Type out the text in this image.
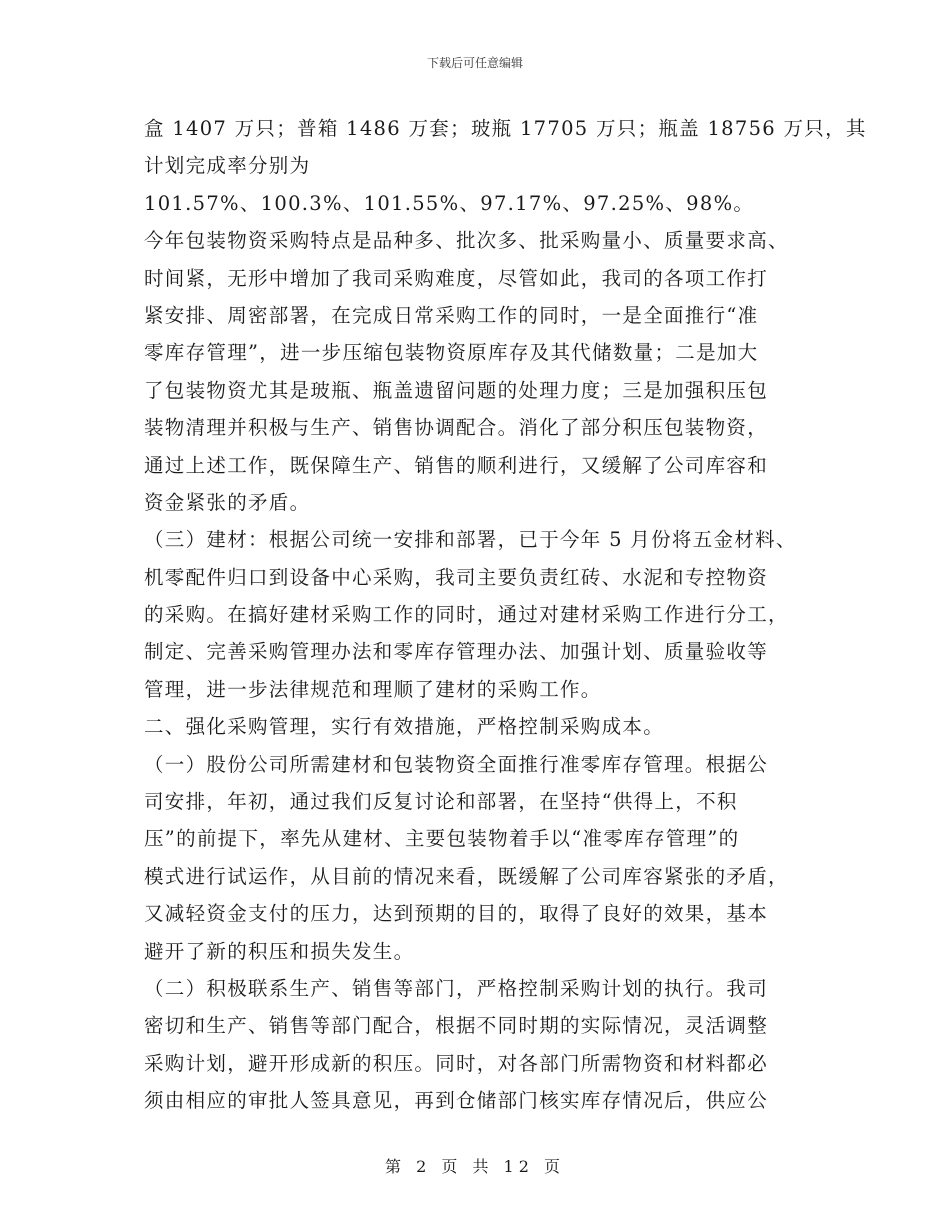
下载后可任意编辑
盒 1407 万只；普箱 1486 万套；玻瓶 17705 万只；瓶盖 18756 万只，其
计划完成率分别为
101.57%、100.3%、101.55%、97.17%、97.25%、98%。
今年包装物资采购特点是品种多、批次多、批采购量小、质量要求高、
时间紧，无形中增加了我司采购难度，尽管如此，我司的各项工作打
紧安排、周密部署，在完成日常采购工作的同时，一是全面推行“准
零库存管理”，进一步压缩包装物资原库存及其代储数量；二是加大
了包装物资尤其是玻瓶、瓶盖遗留问题的处理力度；三是加强积压包
装物清理并积极与生产、销售协调配合。消化了部分积压包装物资，
通过上述工作，既保障生产、销售的顺利进行，又缓解了公司库容和
资金紧张的矛盾。
（三）建材：根据公司统一安排和部署，已于今年 5 月份将五金材料、
机零配件归口到设备中心采购，我司主要负责红砖、水泥和专控物资
的采购。在搞好建材采购工作的同时，通过对建材采购工作进行分工，
制定、完善采购管理办法和零库存管理办法、加强计划、质量验收等
管理，进一步法律规范和理顺了建材的采购工作。
二、强化采购管理，实行有效措施，严格控制采购成本。
（一）股份公司所需建材和包装物资全面推行准零库存管理。根据公
司安排，年初，通过我们反复讨论和部署，在坚持“供得上，不积
压”的前提下，率先从建材、主要包装物着手以“准零库存管理”的
模式进行试运作，从目前的情况来看，既缓解了公司库容紧张的矛盾，
又减轻资金支付的压力，达到预期的目的，取得了良好的效果，基本
避开了新的积压和损失发生。
（二）积极联系生产、销售等部门，严格控制采购计划的执行。我司
密切和生产、销售等部门配合，根据不同时期的实际情况，灵活调整
采购计划，避开形成新的积压。同时，对各部门所需物资和材料都必
须由相应的审批人签具意见，再到仓储部门核实库存情况后，供应公
第 2 页 共 12 页
